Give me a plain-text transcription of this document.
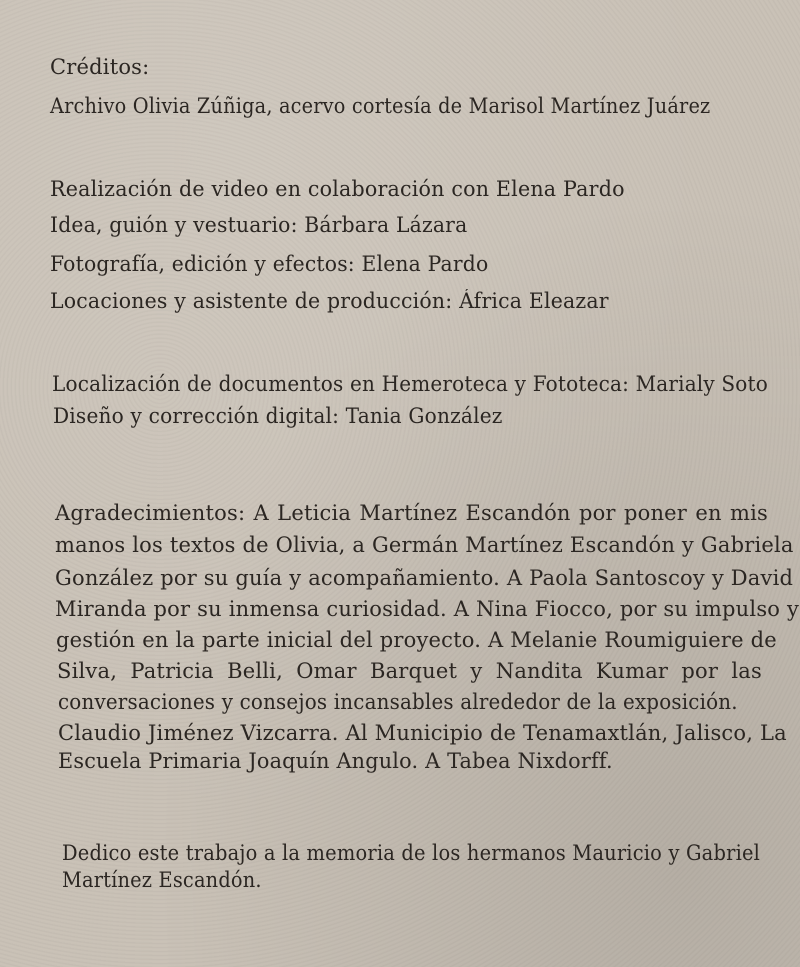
Créditos:
Archivo Olivia Zúñiga, acervo cortesía de Marisol Martínez Juárez
Realización de video en colaboración con Elena Pardo
Idea, guión y vestuario: Bárbara Lázara
Fotografía, edición y efectos: Elena Pardo
Locaciones y asistente de producción: África Eleazar
Localización de documentos en Hemeroteca y Fototeca: Marialy Soto
Diseño y corrección digital: Tania González
Agradecimientos: A Leticia Martínez Escandón por poner en mis
manos los textos de Olivia, a Germán Martínez Escandón y Gabriela
González por su guía y acompañamiento. A Paola Santoscoy y David
Miranda por su inmensa curiosidad. A Nina Fiocco, por su impulso y
gestión en la parte inicial del proyecto. A Melanie Roumiguiere de
Silva, Patricia Belli, Omar Barquet y Nandita Kumar por las
conversaciones y consejos incansables alrededor de la exposición.
Claudio Jiménez Vizcarra. Al Municipio de Tenamaxtlán, Jalisco, La
Escuela Primaria Joaquín Angulo. A Tabea Nixdorff.
Dedico este trabajo a la memoria de los hermanos Mauricio y Gabriel
Martínez Escandón.
